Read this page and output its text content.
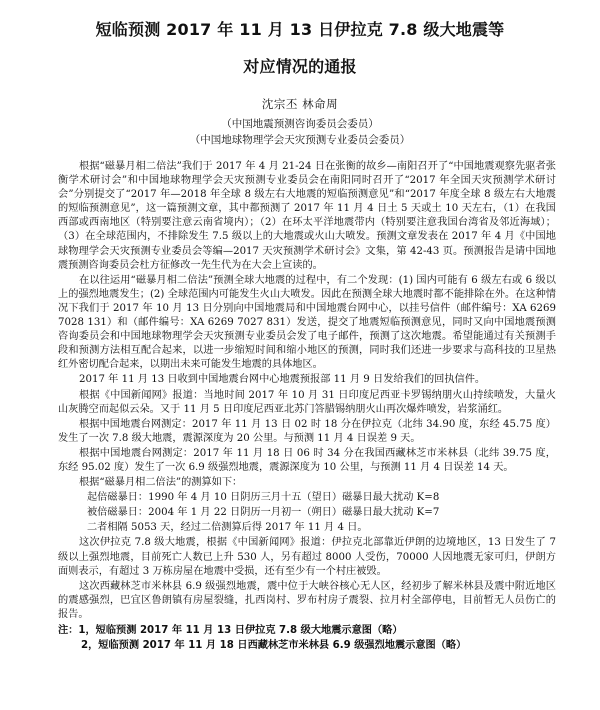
短临预测 2017 年 11 月 13 日伊拉克 7.8 级大地震等
对应情况的通报
沈宗丕 林命周
（中国地震预测咨询委员会委员）
（中国地球物理学会天灾预测专业委员会委员）

根据“磁暴月相二倍法”我们于 2017 年 4 月 21-24 日在张衡的故乡—南阳召开了“中国地震观察先驱者张衡学术研讨会”和中国地球物理学会天灾预测专业委员会在南阳同时召开了“2017 年全国天灾预测学术研讨会”分别提交了“2017 年—2018 年全球 8 级左右大地震的短临预测意见”和“2017 年度全球 8 级左右大地震的短临预测意见”，这一篇预测文章，其中都预测了 2017 年 11 月 4 日土 5 天或土 10 天左右，（1）在我国西部或西南地区（特别要注意云南省境内）；（2）在环太平洋地震带内（特别要注意我国台湾省及邻近海域）；（3）在全球范围内，不排除发生 7.5 级以上的大地震或火山大喷发。预测文章发表在 2017 年 4 月《中国地球物理学会天灾预测专业委员会等编—2017 天灾预测学术研讨会》文集，第 42-43 页。预测报告是请中国地震预测咨询委员会杜方征修改一先生代为在大会上宣读的。

在以往运用“磁暴月相二倍法”预测全球大地震的过程中，有二个发现：(1) 国内可能有 6 级左右或 6 级以上的强烈地震发生；(2) 全球范围内可能发生火山大喷发。因此在预测全球大地震时都不能排除在外。在这种情况下我们于 2017 年 10 月 13 日分别向中国地震局和中国地震台网中心，以挂号信件（邮件编号：XA 6269 7028 131）和（邮件编号：XA 6269 7027 831）发送，提交了地震短临预测意见，同时又向中国地震预测咨询委员会和中国地球物理学会天灾预测专业委员会发了电子邮件，预测了这次地震。希望能通过有关预测手段和预测方法相互配合起来，以进一步缩短时间和缩小地区的预测，同时我们还进一步要求与高科技的卫星热红外密切配合起来，以期出未来可能发生地震的具体地区。

2017 年 11 月 13 日收到中国地震台网中心地震预报部 11 月 9 日发给我们的回执信件。

根据《中国新闻网》报道：当地时间 2017 年 10 月 31 日印度尼西亚卡罗锡纳朋火山持续喷发，大量火山灰腾空而起似云朵。又于 11 月 5 日印度尼西亚北苏门答腊锡纳朋火山再次爆炸喷发，岩浆涌红。

根据中国地震台网测定：2017 年 11 月 13 日 02 时 18 分在伊拉克（北纬 34.90 度，东经 45.75 度）发生了一次 7.8 级大地震，震源深度为 20 公里。与预测 11 月 4 日误差 9 天。

根据中国地震台网测定：2017 年 11 月 18 日 06 时 34 分在我国西藏林芝市米林县（北纬 39.75 度，东经 95.02 度）发生了一次 6.9 级强烈地震，震源深度为 10 公里，与预测 11 月 4 日误差 14 天。

根据“磁暴月相二倍法”的测算如下：

起倍磁暴日：1990 年 4 月 10 日阴历三月十五（望日）磁暴日最大扰动 K=8

被倍磁暴日：2004 年 1 月 22 日阴历一月初一（朔日）磁暴日最大扰动 K=7

二者相隔 5053 天，经过二倍测算后得 2017 年 11 月 4 日。

这次伊拉克 7.8 级大地震，根据《中国新闻网》报道：伊拉克北部靠近伊朗的边境地区，13 日发生了 7 级以上强烈地震，目前死亡人数已上升 530 人，另有超过 8000 人受伤，70000 人因地震无家可归，伊朗方面则表示，有超过 3 万栋房屋在地震中受损，还有至少有一个村庄被毁。

这次西藏林芝市米林县 6.9 级强烈地震，震中位于大峡谷核心无人区，经初步了解米林县及震中附近地区的震感强烈，巴宜区鲁朗镇有房屋裂缝，扎西岗村、罗布村房子震裂、拉月村全部停电，目前暂无人员伤亡的报告。

注：1，短临预测 2017 年 11 月 13 日伊拉克 7.8 级大地震示意图（略）
2，短临预测 2017 年 11 月 18 日西藏林芝市米林县 6.9 级强烈地震示意图（略）
